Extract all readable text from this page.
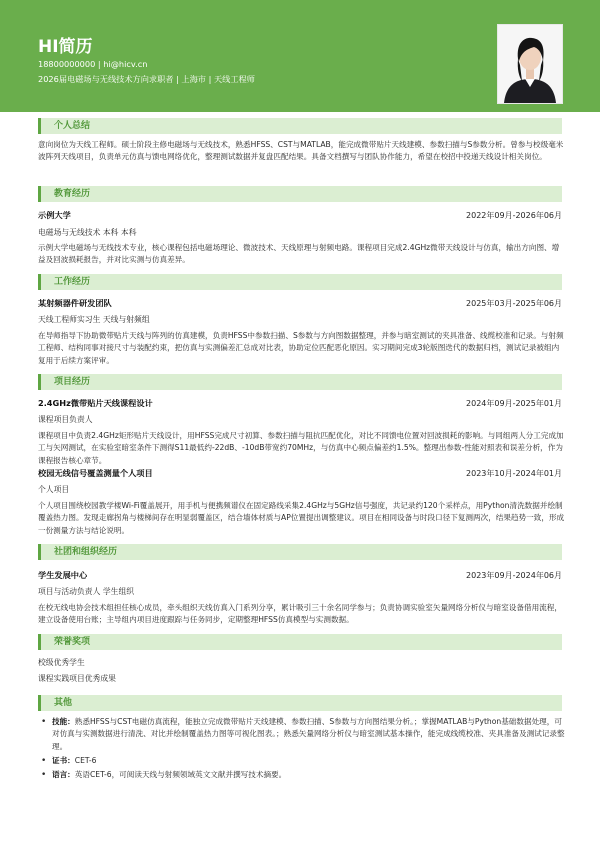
HI简历
18800000000 | hi@hicv.cn
2026届电磁场与无线技术方向求职者 | 上海市 | 天线工程师
个人总结
意向岗位为天线工程师。硕士阶段主修电磁场与无线技术，熟悉HFSS、CST与MATLAB，能完成微带贴片天线建模、参数扫描与S参数分析。曾参与校级毫米波阵列天线项目，负责单元仿真与馈电网络优化，整理测试数据并复盘匹配结果。具备文档撰写与团队协作能力，希望在校招中投递天线设计相关岗位。
教育经历
示例大学	2022年09月-2026年06月
电磁场与无线技术 本科 本科
示例大学电磁场与无线技术专业，核心课程包括电磁场理论、微波技术、天线原理与射频电路。课程项目完成2.4GHz微带天线设计与仿真，输出方向图、增益及回波损耗报告，并对比实测与仿真差异。
工作经历
某射频器件研发团队	2025年03月-2025年06月
天线工程师实习生 天线与射频组
在导师指导下协助微带贴片天线与阵列的仿真建模，负责HFSS中参数扫描、S参数与方向图数据整理，并参与暗室测试的夹具准备、线缆校准和记录。与射频工程师、结构同事对接尺寸与装配约束，把仿真与实测偏差汇总成对比表，协助定位匹配恶化原因。实习期间完成3轮版图迭代的数据归档，测试记录被组内复用于后续方案评审。
项目经历
2.4GHz微带贴片天线课程设计	2024年09月-2025年01月
课程项目负责人
课程项目中负责2.4GHz矩形贴片天线设计，用HFSS完成尺寸初算、参数扫描与阻抗匹配优化，对比不同馈电位置对回波损耗的影响。与同组两人分工完成加工与矢网测试，在实验室暗室条件下测得S11最低约-22dB、-10dB带宽约70MHz，与仿真中心频点偏差约1.5%。整理出参数-性能对照表和误差分析，作为课程报告核心章节。
校园无线信号覆盖测量个人项目	2023年10月-2024年01月
个人项目
个人项目围绕校园教学楼Wi-Fi覆盖展开，用手机与便携频谱仪在固定路线采集2.4GHz与5GHz信号强度，共记录约120个采样点，用Python清洗数据并绘制覆盖热力图。发现走廊拐角与楼梯间存在明显弱覆盖区，结合墙体材质与AP位置提出调整建议。项目在相同设备与时段口径下复测两次，结果趋势一致，形成一份测量方法与结论说明。
社团和组织经历
学生发展中心	2023年09月-2024年06月
项目与活动负责人 学生组织
在校无线电协会技术组担任核心成员，牵头组织天线仿真入门系列分享，累计吸引三十余名同学参与；负责协调实验室矢量网络分析仪与暗室设备借用流程，建立设备使用台账；主导组内项目进度跟踪与任务同步，定期整理HFSS仿真模型与实测数据。
荣誉奖项
校级优秀学生
课程实践项目优秀成果
其他
• 技能：熟悉HFSS与CST电磁仿真流程，能独立完成微带贴片天线建模、参数扫描、S参数与方向图结果分析。；掌握MATLAB与Python基础数据处理，可对仿真与实测数据进行清洗、对比并绘制覆盖热力图等可视化图表。；熟悉矢量网络分析仪与暗室测试基本操作，能完成线缆校准、夹具准备及测试记录整理。
• 证书：CET-6
• 语言：英语CET-6，可阅读天线与射频领域英文文献并撰写技术摘要。
